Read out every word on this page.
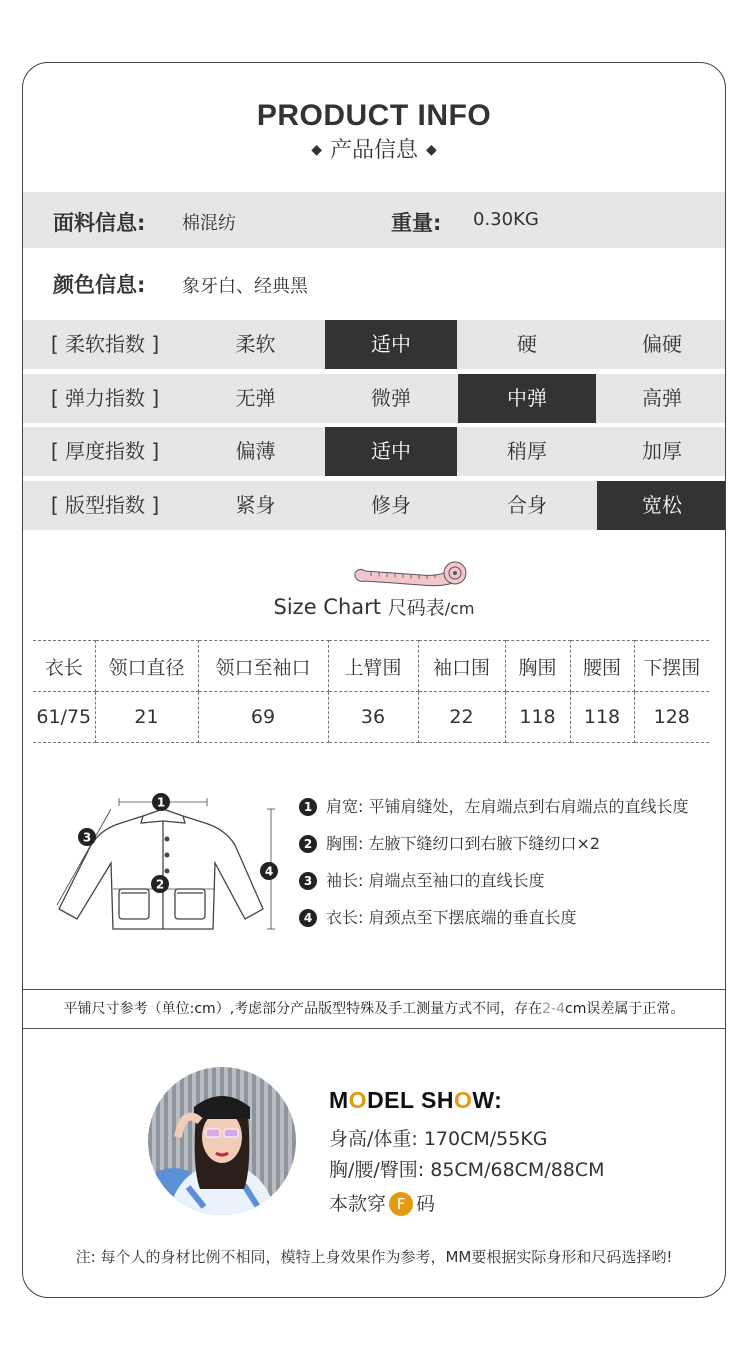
PRODUCT INFO
◆ 产品信息 ◆
面料信息: 棉混纺	重量: 0.30KG
颜色信息: 象牙白、经典黑
[ 柔软指数 ]	柔软	适中	硬	偏硬
[ 弹力指数 ]	无弹	微弹	中弹	高弹
[ 厚度指数 ]	偏薄	适中	稍厚	加厚
[ 版型指数 ]	紧身	修身	合身	宽松
Size Chart 尺码表/cm
衣长	领口直径	领口至袖口	上臂围	袖口围	胸围	腰围	下摆围
61/75	21	69	36	22	118	118	128
1
2
3
4
1 肩宽: 平铺肩缝处，左肩端点到右肩端点的直线长度
2 胸围: 左腋下缝纫口到右腋下缝纫口×2
3 袖长: 肩端点至袖口的直线长度
4 衣长: 肩颈点至下摆底端的垂直长度
平铺尺寸参考（单位:cm）,考虑部分产品版型特殊及手工测量方式不同，存在2-4cm误差属于正常。
MODEL SHOW:
身高/体重: 170CM/55KG
胸/腰/臀围: 85CM/68CM/88CM
本款穿 F 码
注: 每个人的身材比例不相同，模特上身效果作为参考，MM要根据实际身形和尺码选择哟!
